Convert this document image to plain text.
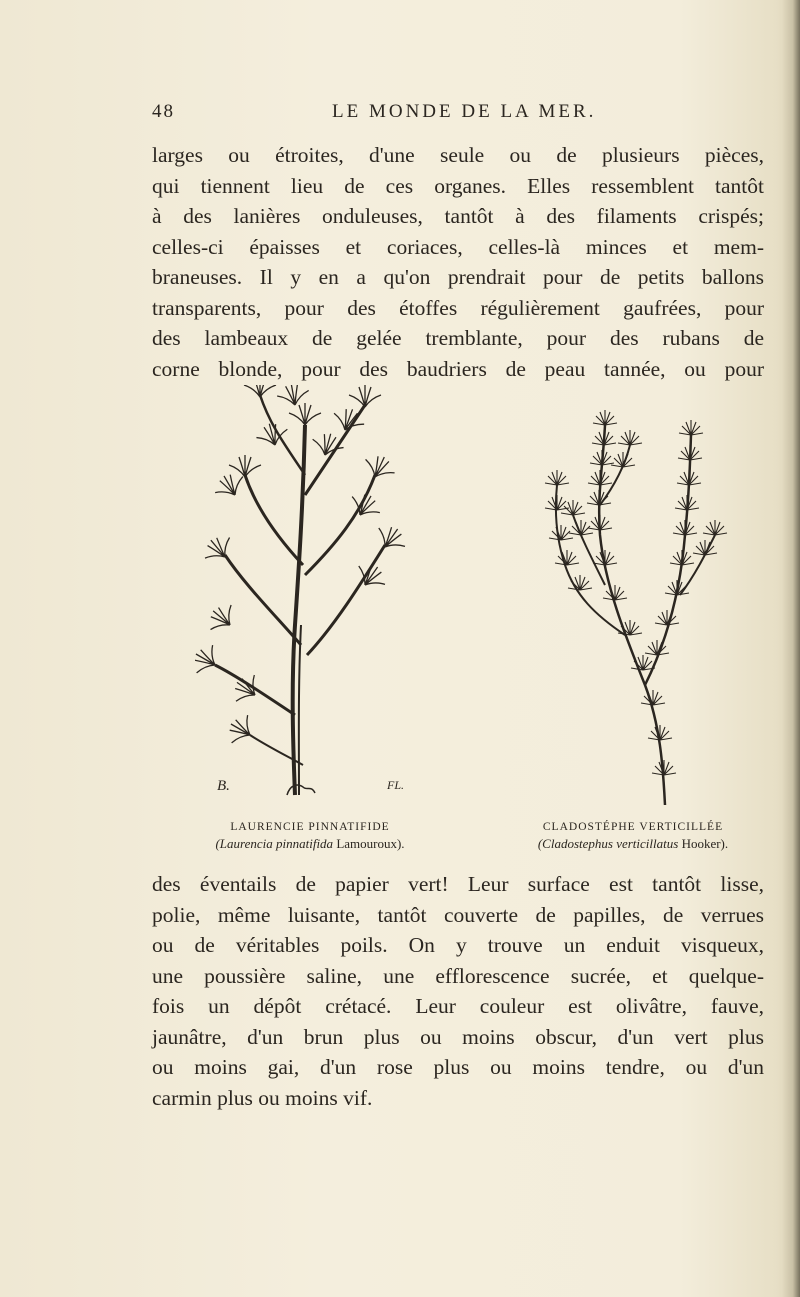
48	LE MONDE DE LA MER.
larges ou étroites, d'une seule ou de plusieurs pièces,
qui tiennent lieu de ces organes. Elles ressemblent tantôt
à des lanières onduleuses, tantôt à des filaments crispés;
celles-ci épaisses et coriaces, celles-là minces et mem-
braneuses. Il y en a qu'on prendrait pour de petits ballons
transparents, pour des étoffes régulièrement gaufrées, pour
des lambeaux de gelée tremblante, pour des rubans de
corne blonde, pour des baudriers de peau tannée, ou pour
B.	FL.
LAURENCIE PINNATIFIDE
(Laurencia pinnatifida Lamouroux).
CLADOSTÉPHE VERTICILLÉE
(Cladostephus verticillatus Hooker).
des éventails de papier vert! Leur surface est tantôt lisse,
polie, même luisante, tantôt couverte de papilles, de verrues
ou de véritables poils. On y trouve un enduit visqueux,
une poussière saline, une efflorescence sucrée, et quelque-
fois un dépôt crétacé. Leur couleur est olivâtre, fauve,
jaunâtre, d'un brun plus ou moins obscur, d'un vert plus
ou moins gai, d'un rose plus ou moins tendre, ou d'un
carmin plus ou moins vif.
